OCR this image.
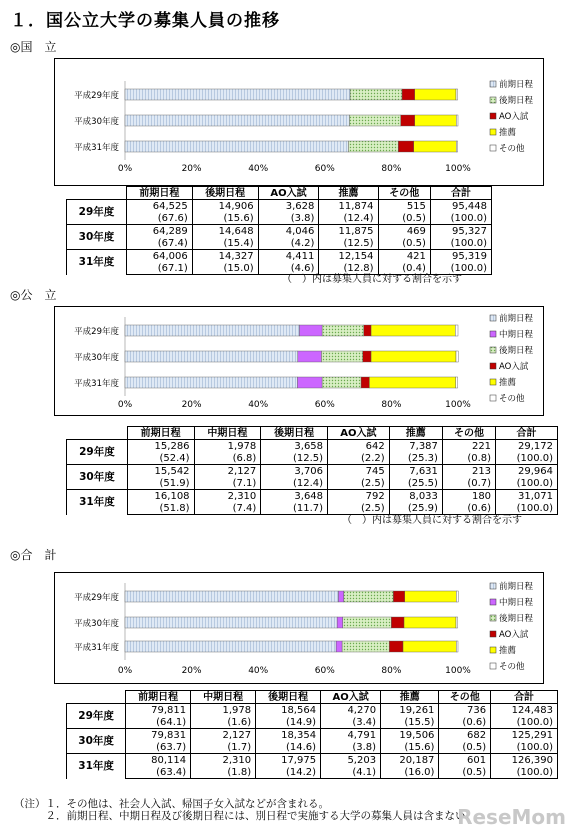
１．国公立大学の募集人員の推移
◎国　立
平成29年度
平成30年度
平成31年度
0%	20%	40%	60%	80%	100%
前期日程
後期日程
AO入試
推薦
その他
	前期日程	後期日程	AO入試	推薦	その他	合計
29年度	64,525	14,906	3,628	11,874	515	95,448
	(67.6)	(15.6)	(3.8)	(12.4)	(0.5)	(100.0)
30年度	64,289	14,648	4,046	11,875	469	95,327
	(67.4)	(15.4)	(4.2)	(12.5)	(0.5)	(100.0)
31年度	64,006	14,327	4,411	12,154	421	95,319
	(67.1)	(15.0)	(4.6)	(12.8)	(0.4)	(100.0)
（　）内は募集人員に対する割合を示す
◎公　立
平成29年度
平成30年度
平成31年度
0%	20%	40%	60%	80%	100%
前期日程
中期日程
後期日程
AO入試
推薦
その他
	前期日程	中期日程	後期日程	AO入試	推薦	その他	合計
29年度	15,286	1,978	3,658	642	7,387	221	29,172
	(52.4)	(6.8)	(12.5)	(2.2)	(25.3)	(0.8)	(100.0)
30年度	15,542	2,127	3,706	745	7,631	213	29,964
	(51.9)	(7.1)	(12.4)	(2.5)	(25.5)	(0.7)	(100.0)
31年度	16,108	2,310	3,648	792	8,033	180	31,071
	(51.8)	(7.4)	(11.7)	(2.5)	(25.9)	(0.6)	(100.0)
（　）内は募集人員に対する割合を示す
◎合　計
平成29年度
平成30年度
平成31年度
0%	20%	40%	60%	80%	100%
前期日程
中期日程
後期日程
AO入試
推薦
その他
	前期日程	中期日程	後期日程	AO入試	推薦	その他	合計
29年度	79,811	1,978	18,564	4,270	19,261	736	124,483
	(64.1)	(1.6)	(14.9)	(3.4)	(15.5)	(0.6)	(100.0)
30年度	79,831	2,127	18,354	4,791	19,506	682	125,291
	(63.7)	(1.7)	(14.6)	(3.8)	(15.6)	(0.5)	(100.0)
31年度	80,114	2,310	17,975	5,203	20,187	601	126,390
	(63.4)	(1.8)	(14.2)	(4.1)	(16.0)	(0.5)	(100.0)
（注）１．その他は、社会人入試、帰国子女入試などが含まれる。
　　　２．前期日程、中期日程及び後期日程には、別日程で実施する大学の募集人員は含まない。
ReseMom
